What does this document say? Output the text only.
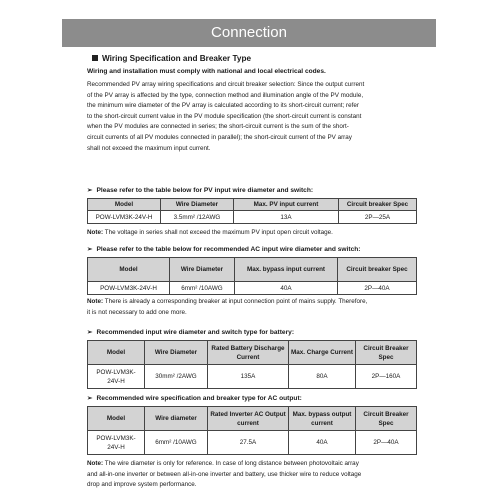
Connection
Wiring Specification and Breaker Type
Wiring and installation must comply with national and local electrical codes.
Recommended PV array wiring specifications and circuit breaker selection: Since the output current
of the PV array is affected by the type, connection method and illumination angle of the PV module,
the minimum wire diameter of the PV array is calculated according to its short-circuit current; refer
to the short-circuit current value in the PV module specification (the short-circuit current is constant
when the PV modules are connected in series; the short-circuit current is the sum of the short-
circuit currents of all PV modules connected in parallel); the short-circuit current of the PV array
shall not exceed the maximum input current.
➢ Please refer to the table below for PV input wire diameter and switch:
Model	Wire Diameter	Max. PV input current	Circuit breaker Spec
POW-LVM3K-24V-H	3.5mm² /12AWG	13A	2P—25A
Note: The voltage in series shall not exceed the maximum PV input open circuit voltage.
➢ Please refer to the table below for recommended AC input wire diameter and switch:
Model	Wire Diameter	Max. bypass input current	Circuit breaker Spec
POW-LVM3K-24V-H	6mm² /10AWG	40A	2P—40A
Note: There is already a corresponding breaker at input connection point of mains supply. Therefore,
it is not necessary to add one more.
➢ Recommended input wire diameter and switch type for battery:
Model	Wire Diameter	Rated Battery Discharge Current	Max. Charge Current	Circuit Breaker Spec
POW-LVM3K-24V-H	30mm² /2AWG	135A	80A	2P—160A
➢ Recommended wire specification and breaker type for AC output:
Model	Wire diameter	Rated Inverter AC Output current	Max. bypass output current	Circuit Breaker Spec
POW-LVM3K-24V-H	6mm² /10AWG	27.5A	40A	2P—40A
Note: The wire diameter is only for reference. In case of long distance between photovoltaic array
and all-in-one inverter or between all-in-one inverter and battery, use thicker wire to reduce voltage
drop and improve system performance.
